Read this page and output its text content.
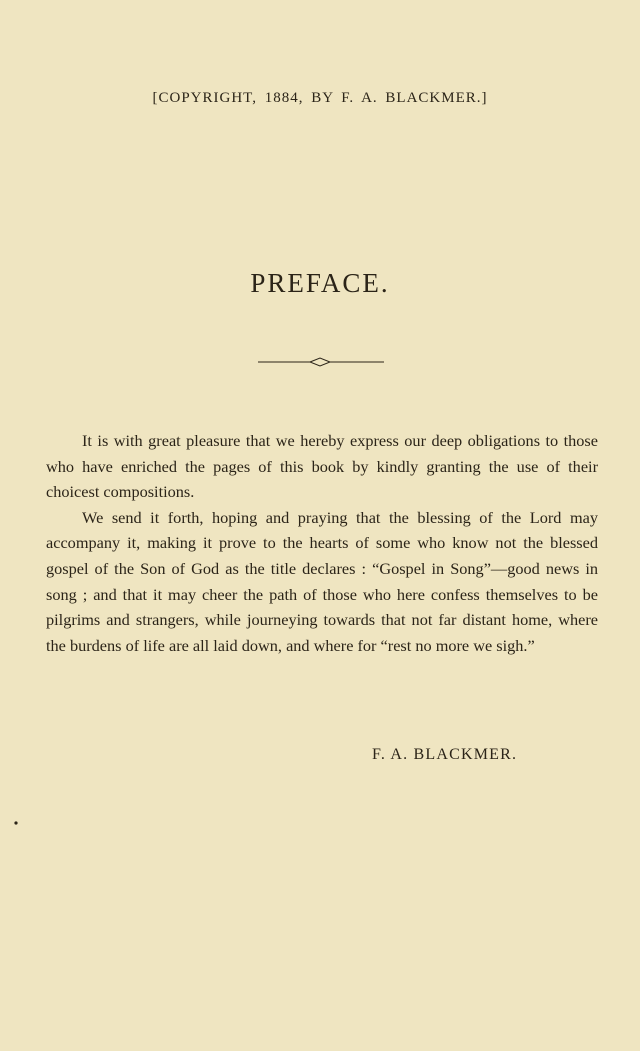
[COPYRIGHT, 1884, BY F. A. BLACKMER.]
PREFACE.

It is with great pleasure that we hereby express our deep obligations to those who have enriched the pages of this book by kindly granting the use of their choicest compositions.

We send it forth, hoping and praying that the blessing of the Lord may accompany it, making it prove to the hearts of some who know not the blessed gospel of the Son of God as the title declares : “Gospel in Song”—good news in song ; and that it may cheer the path of those who here confess themselves to be pilgrims and strangers, while journeying towards that not far distant home, where the burdens of life are all laid down, and where for “rest no more we sigh.”

F. A. BLACKMER.
